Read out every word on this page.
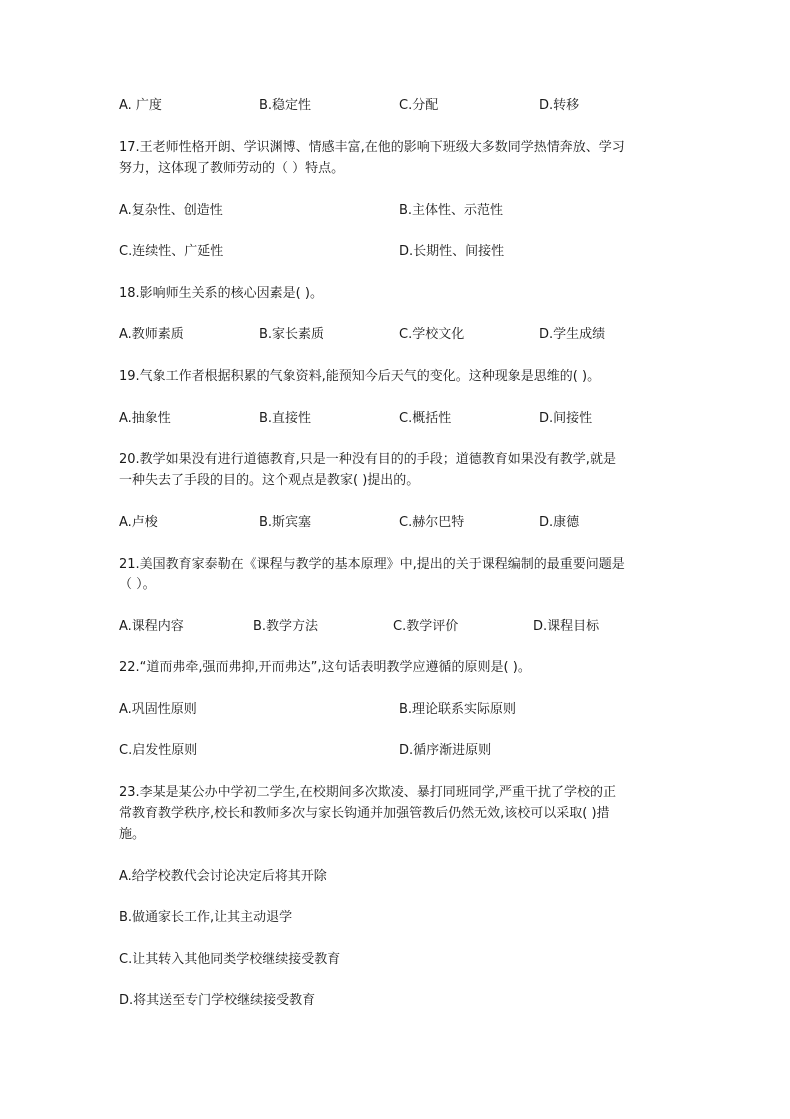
A. 广度	B.稳定性	C.分配	D.转移
17.王老师性格开朗、学识渊博、情感丰富,在他的影响下班级大多数同学热情奔放、学习
努力，这体现了教师劳动的（ ）特点。
A.复杂性、创造性	B.主体性、示范性
C.连续性、广延性	D.长期性、间接性
18.影响师生关系的核心因素是( )。
A.教师素质	B.家长素质	C.学校文化	D.学生成绩
19.气象工作者根据积累的气象资料,能预知今后天气的变化。这种现象是思维的( )。
A.抽象性	B.直接性	C.概括性	D.间接性
20.教学如果没有进行道德教育,只是一种没有目的的手段；道德教育如果没有教学,就是
一种失去了手段的目的。这个观点是教家( )提出的。
A.卢梭	B.斯宾塞	C.赫尔巴特	D.康德
21.美国教育家泰勒在《课程与教学的基本原理》中,提出的关于课程编制的最重要问题是
（ ）。
A.课程内容	B.教学方法	C.教学评价	D.课程目标
22.“道而弗牵,强而弗抑,开而弗达”,这句话表明教学应遵循的原则是( )。
A.巩固性原则	B.理论联系实际原则
C.启发性原则	D.循序渐进原则
23.李某是某公办中学初二学生,在校期间多次欺凌、暴打同班同学,严重干扰了学校的正
常教育教学秩序,校长和教师多次与家长钩通并加强管教后仍然无效,该校可以采取( )措
施。
A.给学校教代会讨论决定后将其开除
B.做通家长工作,让其主动退学
C.让其转入其他同类学校继续接受教育
D.将其送至专门学校继续接受教育
